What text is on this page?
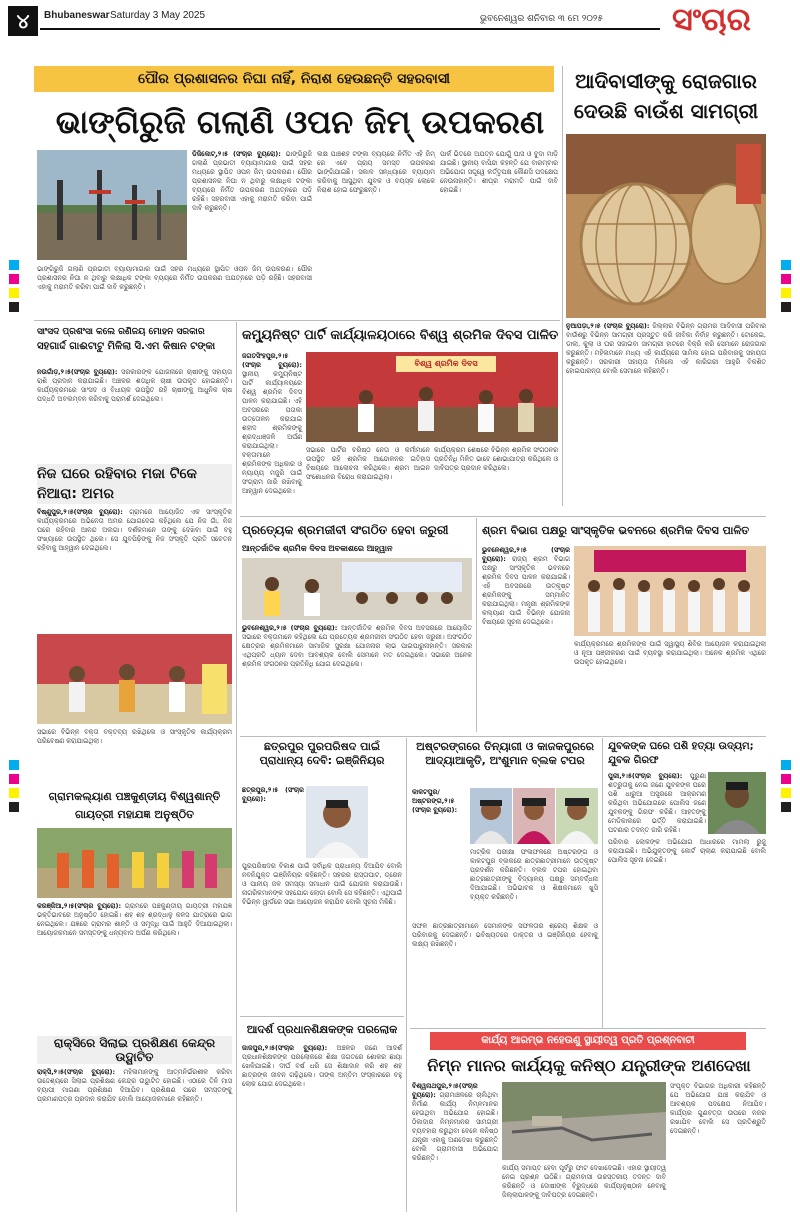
୪	Bhubaneswar Saturday 3 May 2025	ଭୁବନେଶ୍ୱର ଶନିବାର ୩ ମେ ୨୦୨୫ ସଂଚାର
ପୌର ପ୍ରଶାସନର ନିଘା ନାହିଁ, ନିରାଶ ହେଉଛନ୍ତି ସହରବାସୀ
ଭାଙ୍ଗିରୁଜି ଗଲାଣି ଓପନ ଜିମ୍ ଉପକରଣ
ଡିଜିକୋଟ୍‌,୨।୫ (ସଂଚାର ବ୍ୟୁରୋ): ଭାଙ୍ଗିରୁଜି ଗଲାଣି ପ୍ରଭାତୀ ବ୍ୟାୟାମାଗାର ପାଇଁ ସହର ମଧ୍ୟରେ ସ୍ଥାପିତ ଓପନ ଜିମ୍ ଉପକରଣ। ପୌର ପ୍ରଶାସନର ନିଘା ନ ଥିବାରୁ ଲକ୍ଷାଧିକ ଟଙ୍କା ବ୍ୟୟରେ ନିର୍ମିତ ଉପକରଣ ଅଯତ୍ନରେ ପଡ଼ି ରହିଛି। ସହରବାସୀ ଏହାକୁ ମରାମତି କରିବା ପାଇଁ ଦାବି କରୁଛନ୍ତି।
ଲକ୍ଷ ପାଞ୍ଚଶହ ଟଙ୍କା ବ୍ୟୟରେ ନିର୍ମିତ ଏହି ଜିମ୍ ରେ ଏବେ ପ୍ରାୟ ସମସ୍ତ ଉପକରଣ ଭାଙ୍ଗିଯାଇଛି। ସକାଳ ସନ୍ଧ୍ୟାରେ ବ୍ୟାୟାମ କରିବାକୁ ଆସୁଥିବା ଯୁବକ ଓ ବୟସ୍କ ଲୋକେ ନିରାଶ ହୋଇ ଫେରୁଛନ୍ତି।
ପାର୍କ ଭିତରେ ଅଯତ୍ନ ଯୋଗୁଁ ଘାସ ଓ ବୁଦା ମାଡ଼ି ଯାଇଛି। ସ୍ଥାନୀୟ ବାସିନ୍ଦା କହନ୍ତି ଯେ ବାରମ୍ବାର ଅଭିଯୋଗ ସତ୍ତ୍ୱେ କର୍ତ୍ତୃପକ୍ଷ କୌଣସି ପଦକ୍ଷେପ ନେଉନାହାନ୍ତି। ଶୀଘ୍ର ମରାମତି ପାଇଁ ଦାବି ହୋଇଛି।
ଭାଙ୍ଗିରୁଜି ଗଲାଣି ପ୍ରଭାତୀ ବ୍ୟାୟାମାଗାର ପାଇଁ ସହର ମଧ୍ୟରେ ସ୍ଥାପିତ ଓପନ ଜିମ୍ ଉପକରଣ। ପୌର ପ୍ରଶାସନର ନିଘା ନ ଥିବାରୁ ଲକ୍ଷାଧିକ ଟଙ୍କା ବ୍ୟୟରେ ନିର୍ମିତ ଉପକରଣ ଅଯତ୍ନରେ ପଡ଼ି ରହିଛି। ସହରବାସୀ ଏହାକୁ ମରାମତି କରିବା ପାଇଁ ଦାବି କରୁଛନ୍ତି।
ଆଦିବାସୀଙ୍କୁ ରୋଜଗାର ଦେଉଛି ବାଉଁଶ ସାମଗ୍ରୀ
ନୁଆପଡ଼ା,୨।୫ (ସଂଚାର ବ୍ୟୁରୋ): ଜିଲ୍ଲାର ବିଭିନ୍ନ ଗ୍ରାମର ଆଦିବାସୀ ପରିବାର ବାଉଁଶରୁ ବିଭିନ୍ନ ସାମଗ୍ରୀ ପ୍ରସ୍ତୁତ କରି ଜୀବିକା ନିର୍ବାହ କରୁଛନ୍ତି। ଟୋକେଇ, ଡାଲା, କୁଲା ଓ ଘର ସଜାଇବା ସାମଗ୍ରୀ ହାଟରେ ବିକ୍ରି କରି ସେମାନେ ରୋଜଗାର କରୁଛନ୍ତି। ମହିଳାମାନେ ମଧ୍ୟ ଏହି କାର୍ଯ୍ୟରେ ସାମିଲ ହୋଇ ପରିବାରକୁ ସହାୟତା କରୁଛନ୍ତି। ସରକାରୀ ସହାୟତା ମିଳିଲେ ଏହି କାରିଗରୀ ଆହୁରି ବିକଶିତ ହୋଇପାରନ୍ତା ବୋଲି ସେମାନେ କହିଛନ୍ତି।
ସାଂସଦ ପ୍ରଶଂସା କଲେ ରଣିଜୟ ମୋହନ ସରକାର
ସହଗାର୍ଦ୍ଦ ଗାଈଟାଟୁ ମିଳିଲା ସି.ଏମ କିଷାନ ଟଙ୍କା
ନଉଗାଁଡ଼,୨।୫(ସଂଚାର ବ୍ୟୁରୋ): ସରକାରଙ୍କ ଯୋଜନାରେ ଚାଷୀଙ୍କୁ ସହାୟତା ରାଶି ପ୍ରଦାନ କରାଯାଇଛି। ଅଞ୍ଚଳର ଶତାଧିକ ଚାଷୀ ଉପକୃତ ହୋଇଛନ୍ତି। କାର୍ଯ୍ୟକ୍ରମରେ ସାଂସଦ ଓ ବିଧାୟକ ଉପସ୍ଥିତ ରହି ଚାଷୀଙ୍କୁ ଆଧୁନିକ ଚାଷ ପଦ୍ଧତି ଅବଲମ୍ବନ କରିବାକୁ ପରାମର୍ଶ ଦେଇଥିଲେ।
ନିଜ ଘରେ ରହିବାର ମଜା ଟିକେ ନିଆରା: ଅମର
ବିଷ୍ଣୁପୁର,୨।୫(ସଂଚାର ବ୍ୟୁରୋ): ଗ୍ରାମରେ ଆୟୋଜିତ ଏକ ସାଂସ୍କୃତିକ କାର୍ଯ୍ୟକ୍ରମରେ ଅଭିନେତା ଅମର ଯୋଗଦେଇ କହିଥିଲେ ଯେ ନିଜ ଗାଁ, ନିଜ ଘରେ ରହିବାର ଆନନ୍ଦ ଅଲଗା। ଦର୍ଶକମାନେ ତାଙ୍କୁ ଦେଖିବା ପାଇଁ ବହୁ ସଂଖ୍ୟାରେ ଉପସ୍ଥିତ ଥିଲେ। ସେ ଯୁବପିଢ଼ିଙ୍କୁ ନିଜ ସଂସ୍କୃତି ପ୍ରତି ସଚେତନ ରହିବାକୁ ଆହ୍ୱାନ ଦେଇଥିଲେ।
ସଭାରେ ବିଭିନ୍ନ ବକ୍ତା ବକ୍ତବ୍ୟ ରଖିଥିଲେ ଓ ସାଂସ୍କୃତିକ କାର୍ଯ୍ୟକ୍ରମ ପରିବେଷଣ କରାଯାଇଥିଲା।
ଗ୍ରାମକଲ୍ୟାଣ ପଞ୍ଚକୁଣ୍ଡୀୟ ବିଶ୍ୱଶାନ୍ତି ଗାୟତ୍ରୀ ମହାଯଜ୍ଞ ଅନୁଷ୍ଠିତ
କରଞ୍ଜିଆ,୨।୫(ସଂଚାର ବ୍ୟୁରୋ): ଗ୍ରାମରେ ପଞ୍ଚକୁଣ୍ଡୀୟ ଗାୟତ୍ରୀ ମହାଯଜ୍ଞ ଭକ୍ତିଭାବରେ ଅନୁଷ୍ଠିତ ହୋଇଛି। ଶହ ଶହ ଶ୍ରଦ୍ଧାଳୁ କଳସ ଯାତ୍ରାରେ ଭାଗ ନେଇଥିଲେ। ଯଜ୍ଞରେ ଗ୍ରାମର ଶାନ୍ତି ଓ ସମୃଦ୍ଧି ପାଇଁ ଆହୁତି ଦିଆଯାଇଥିଲା। ଆୟୋଜକମାନେ ସମସ୍ତଙ୍କୁ ଧନ୍ୟବାଦ ଅର୍ପଣ କରିଥିଲେ।
ରାକ୍ସିରେ ସିଲାଇ ପ୍ରଶିକ୍ଷଣ କେନ୍ଦ୍ର ଉଦ୍ଘାଟିତ
ରାକ୍ସି,୨।୫(ସଂଚାର ବ୍ୟୁରୋ): ମହିଳାମାନଙ୍କୁ ଆତ୍ମନିର୍ଭରଶୀଳ କରିବା ଉଦ୍ଦେଶ୍ୟରେ ସିଲାଇ ପ୍ରଶିକ୍ଷଣ କେନ୍ଦ୍ର ଉଦ୍ଘାଟିତ ହୋଇଛି। ଏଠାରେ ତିନି ମାସ ବ୍ୟାପୀ ମାଗଣା ପ୍ରଶିକ୍ଷଣ ଦିଆଯିବ। ପ୍ରଶିକ୍ଷଣ ପରେ ସମସ୍ତଙ୍କୁ ପ୍ରମାଣପତ୍ର ପ୍ରଦାନ କରାଯିବ ବୋଲି ଆୟୋଜକମାନେ କହିଛନ୍ତି।
କମ୍ୟୁନିଷ୍ଟ ପାର୍ଟି କାର୍ଯ୍ୟାଳୟଠାରେ ବିଶ୍ୱ ଶ୍ରମିକ ଦିବସ ପାଳିତ
ଜଗତସିଂହପୁର,୨।୫ (ସଂଚାର ବ୍ୟୁରୋ): ସ୍ଥାନୀୟ କମ୍ୟୁନିଷ୍ଟ ପାର୍ଟି କାର୍ଯ୍ୟାଳୟରେ ବିଶ୍ୱ ଶ୍ରମିକ ଦିବସ ପାଳନ କରାଯାଇଛି। ଏହି ଅବସରରେ ପତାକା ଉତ୍ତୋଳନ କରାଯାଇ ଶହୀଦ ଶ୍ରମିକଙ୍କୁ ଶ୍ରଦ୍ଧାଞ୍ଜଳି ଅର୍ପଣ କରାଯାଇଥିଲା। ବକ୍ତାମାନେ ଶ୍ରମିକଙ୍କ ଅଧିକାର ଓ ନ୍ୟାୟ୍ୟ ମଜୁରି ପାଇଁ ସଂଗ୍ରାମ ଜାରି ରଖିବାକୁ ଆହ୍ୱାନ ଦେଇଥିଲେ।
ବିଶ୍ୱ ଶ୍ରମିକ ଦିବସ
ସଭାରେ ପାର୍ଟିର ବରିଷ୍ଠ ନେତା ଓ କର୍ମୀମାନେ ଉପସ୍ଥିତ ରହି ଶ୍ରମିକ ଆନ୍ଦୋଳନର ଇତିହାସ ବିଷୟରେ ଆଲୋଚନା କରିଥିଲେ। ଶ୍ରମ ଆଇନ ସଂଶୋଧନର ବିରୋଧ କରାଯାଇଥିଲା।
କାର୍ଯ୍ୟକ୍ରମ ଶେଷରେ ବିଭିନ୍ନ ଶ୍ରମିକ ସଂଗଠନର ପ୍ରତିନିଧି ମିଳିତ ଭାବେ ଶୋଭାଯାତ୍ରା କରିଥିଲେ ଓ ଦାବିପତ୍ର ପ୍ରଦାନ କରିଥିଲେ।
ପ୍ରତ୍ୟେକ ଶ୍ରମଜୀବୀ ସଂଗଠିତ ହେବା ଜରୁରୀ
ଆନ୍ତର୍ଜାତିକ ଶ୍ରମିକ ଦିବସ ଅବକାଶରେ ଆହ୍ୱାନ
ଭୁବନେଶ୍ୱର,୨।୫ (ସଂଚାର ବ୍ୟୁରୋ): ଆନ୍ତର୍ଜାତିକ ଶ୍ରମିକ ଦିବସ ଅବସରରେ ଆୟୋଜିତ ସଭାରେ ବକ୍ତାମାନେ କହିଥିଲେ ଯେ ପ୍ରତ୍ୟେକ ଶ୍ରମଜୀବୀ ସଂଗଠିତ ହେବା ଜରୁରୀ। ଅସଂଗଠିତ କ୍ଷେତ୍ରର ଶ୍ରମିକମାନେ ସାମାଜିକ ସୁରକ୍ଷା ଯୋଜନାର ଲାଭ ପାଇପାରୁନାହାନ୍ତି। ସରକାର ଏଥିପ୍ରତି ଧ୍ୟାନ ଦେବା ଆବଶ୍ୟକ ବୋଲି ସେମାନେ ମତ ଦେଇଥିଲେ। ସଭାରେ ଅନେକ ଶ୍ରମିକ ସଂଗଠନର ପ୍ରତିନିଧି ଯୋଗ ଦେଇଥିଲେ।
ଶ୍ରମ ବିଭାଗ ପକ୍ଷରୁ ସାଂସ୍କୃତିକ ଭବନରେ ଶ୍ରମିକ ଦିବସ ପାଳିତ
ଭୁବନେଶ୍ୱର,୨।୫ (ସଂଚାର ବ୍ୟୁରୋ): ରାଜ୍ୟ ଶ୍ରମ ବିଭାଗ ପକ୍ଷରୁ ସାଂସ୍କୃତିକ ଭବନରେ ଶ୍ରମିକ ଦିବସ ପାଳନ କରାଯାଇଛି। ଏହି ଅବସରରେ ଉତ୍କୃଷ୍ଟ ଶ୍ରମିକଙ୍କୁ ସମ୍ମାନିତ କରାଯାଇଥିଲା। ମନ୍ତ୍ରୀ ଶ୍ରମିକଙ୍କ କଲ୍ୟାଣ ପାଇଁ ବିଭିନ୍ନ ଯୋଜନା ବିଷୟରେ ସୂଚନା ଦେଇଥିଲେ।
କାର୍ଯ୍ୟକ୍ରମରେ ଶ୍ରମିକଙ୍କ ପାଇଁ ସ୍ୱାସ୍ଥ୍ୟ ଶିବିର ଆୟୋଜନ କରାଯାଇଥିଲା ଓ ନୂଆ ପଞ୍ଜୀକରଣ ପାଇଁ ବ୍ୟବସ୍ଥା କରାଯାଇଥିଲା। ଅନେକ ଶ୍ରମିକ ଏଥିରେ ଉପକୃତ ହୋଇଥିଲେ।
ଛତ୍ରପୁର ପୁରପରିଷଦ ପାଇଁ ପ୍ରାଧାନ୍ୟ ଦେବି: ଇଞ୍ଜିନିୟର
ଛତ୍ରପୁର,୨।୫ (ସଂଚାର ବ୍ୟୁରୋ):
ପୁରପରିଷଦର ବିକାଶ ପାଇଁ ସର୍ବାଧିକ ପ୍ରାଧାନ୍ୟ ଦିଆଯିବ ବୋଲି ନବନିଯୁକ୍ତ ଇଞ୍ଜିନିୟର କହିଛନ୍ତି। ସହରର ରାସ୍ତାଘାଟ, ଡ୍ରେନ ଓ ପାନୀୟ ଜଳ ସମସ୍ୟା ସମାଧାନ ପାଇଁ ଯୋଜନା କରାଯାଉଛି। ନାଗରିକମାନଙ୍କ ସହଯୋଗ ଲୋଡ଼ା ବୋଲି ସେ କହିଛନ୍ତି। ଏଥିପାଇଁ ବିଭିନ୍ନ ୱାର୍ଡରେ ସଭା ଆୟୋଜନ କରାଯିବ ବୋଲି ସୂଚନା ମିଳିଛି।
ଆଦର୍ଶ ପ୍ରଧାନଶିକ୍ଷକଙ୍କ ପରଲୋକ
ଜାଜପୁର,୨।୫(ସଂଚାର ବ୍ୟୁରୋ): ଅଞ୍ଚଳର ଜଣେ ଆଦର୍ଶ ପ୍ରଧାନଶିକ୍ଷକଙ୍କ ପରଲୋକରେ ଶିକ୍ଷା ଜଗତରେ ଶୋକର ଛାୟା ଖେଳିଯାଇଛି। ଦୀର୍ଘ ବର୍ଷ ଧରି ସେ ଶିକ୍ଷାଦାନ କରି ଶହ ଶହ ଛାତ୍ରଙ୍କ ଜୀବନ ଗଢ଼ିଥିଲେ। ତାଙ୍କ ଅନ୍ତିମ ସଂସ୍କାରରେ ବହୁ ଲୋକ ଯୋଗ ଦେଇଥିଲେ।
ଅଷ୍ଟରଙ୍ଗରେ ତିନ୍ୟାଗୀ ଓ କାଜକପୁରରେ ଆଦ୍ୟାଆକୃତି, ଅଂଶୁମାନ ବ୍ଲକ ଟପର
କାକଟପୁର/ଅଷ୍ଟରଙ୍ଗ,୨।୫ (ସଂଚାର ବ୍ୟୁରୋ):
ମାଟ୍ରିକ ପରୀକ୍ଷା ଫଳାଫଳରେ ଅଷ୍ଟରଙ୍ଗ ଓ କାକଟପୁର ବ୍ଲକରେ ଛାତ୍ରଛାତ୍ରୀମାନେ ଉତ୍କୃଷ୍ଟ ପ୍ରଦର୍ଶନ କରିଛନ୍ତି। ବ୍ଲକ ଟପର ହୋଇଥିବା ଛାତ୍ରଛାତ୍ରୀଙ୍କୁ ବିଦ୍ୟାଳୟ ପକ୍ଷରୁ ସମ୍ବର୍ଦ୍ଧନା ଦିଆଯାଇଛି। ଅଭିଭାବକ ଓ ଶିକ୍ଷକମାନେ ଖୁସି ବ୍ୟକ୍ତ କରିଛନ୍ତି।
ସଫଳ ଛାତ୍ରଛାତ୍ରୀମାନେ ସେମାନଙ୍କ ସଫଳତାର ଶ୍ରେୟ ଶିକ୍ଷକ ଓ ପରିବାରକୁ ଦେଇଛନ୍ତି। ଭବିଷ୍ୟତରେ ଡାକ୍ତର ଓ ଇଞ୍ଜିନିୟର ହେବାକୁ ଲକ୍ଷ୍ୟ ରଖିଛନ୍ତି।
ଯୁବକଙ୍କ ଘରେ ପଶି ହତ୍ୟା ଉଦ୍ୟମ; ଯୁବକ ଗିରଫ
ପୁରୀ,୨।୫(ସଂଚାର ବ୍ୟୁରୋ): ପୁରୁଣା ଶତ୍ରୁତାକୁ ନେଇ ଜଣେ ଯୁବକଙ୍କ ଘରେ ପଶି ଧାରୁଆ ଅସ୍ତ୍ରରେ ଆକ୍ରମଣ କରିଥିବା ଅଭିଯୋଗରେ ପୋଲିସ ଜଣେ ଯୁବକଙ୍କୁ ଗିରଫ କରିଛି। ଆହତଙ୍କୁ ମେଡିକାଲରେ ଭର୍ତ୍ତି କରାଯାଇଛି। ଘଟଣାର ତଦନ୍ତ ଜାରି ରହିଛି।
ପରିବାର ଲୋକଙ୍କ ଅଭିଯୋଗ ଆଧାରରେ ମାମଲା ରୁଜୁ କରାଯାଇଛି। ଅଭିଯୁକ୍ତଙ୍କୁ କୋର୍ଟ ଚାଲାଣ କରାଯାଇଛି ବୋଲି ପୋଲିସ ସୂଚନା ଦେଇଛି।
କାର୍ଯ୍ୟ ଆରମ୍ଭ ନହେଉଣୁ ସ୍ଥାୟୀତ୍ୱ ପ୍ରତି ପ୍ରଶ୍ନବାଚୀ
ନିମ୍ନ ମାନର କାର୍ଯ୍ୟକୁ କନିଷ୍ଠ ଯନ୍ତ୍ରୀଙ୍କ ଅଣଦେଖା
ବିଶ୍ୱନାଥପୁର,୨।୫(ସଂଚାର ବ୍ୟୁରୋ): ଗ୍ରାମାଞ୍ଚଳରେ ଚାଲିଥିବା ନିର୍ମାଣ କାର୍ଯ୍ୟ ନିମ୍ନମାନର ହେଉଥିବା ଅଭିଯୋଗ ହୋଇଛି। ଠିକାଦାର ନିମ୍ନମାନର ସାମଗ୍ରୀ ବ୍ୟବହାର କରୁଥିବା ବେଳେ କନିଷ୍ଠ ଯନ୍ତ୍ରୀ ଏହାକୁ ଅଣଦେଖା କରୁଛନ୍ତି ବୋଲି ଗ୍ରାମବାସୀ ଅଭିଯୋଗ କରିଛନ୍ତି।
କାର୍ଯ୍ୟ ସମାପ୍ତ ହେବା ପୂର୍ବରୁ ଫାଟ ଦେଖାଦେଇଛି। ଏହାର ସ୍ଥାୟୀତ୍ୱ ନେଇ ପ୍ରଶ୍ନ ଉଠିଛି। ଗ୍ରାମବାସୀ ଉଚ୍ଚସ୍ତରୀୟ ତଦନ୍ତ ଦାବି କରିଛନ୍ତି ଓ ଦୋଷୀଙ୍କ ବିରୁଦ୍ଧରେ କାର୍ଯ୍ୟାନୁଷ୍ଠାନ ନେବାକୁ ଜିଲ୍ଲାପାଳଙ୍କୁ ଦାବିପତ୍ର ଦେଇଛନ୍ତି।
ସଂପୃକ୍ତ ବିଭାଗର ଅଧିକାରୀ କହିଛନ୍ତି ଯେ ଅଭିଯୋଗ ଯାଞ୍ଚ କରାଯିବ ଓ ଆବଶ୍ୟକ ପଦକ୍ଷେପ ନିଆଯିବ। କାର୍ଯ୍ୟର ଗୁଣବତ୍ତା ଉପରେ ନଜର ରଖାଯିବ ବୋଲି ସେ ପ୍ରତିଶ୍ରୁତି ଦେଇଛନ୍ତି।
